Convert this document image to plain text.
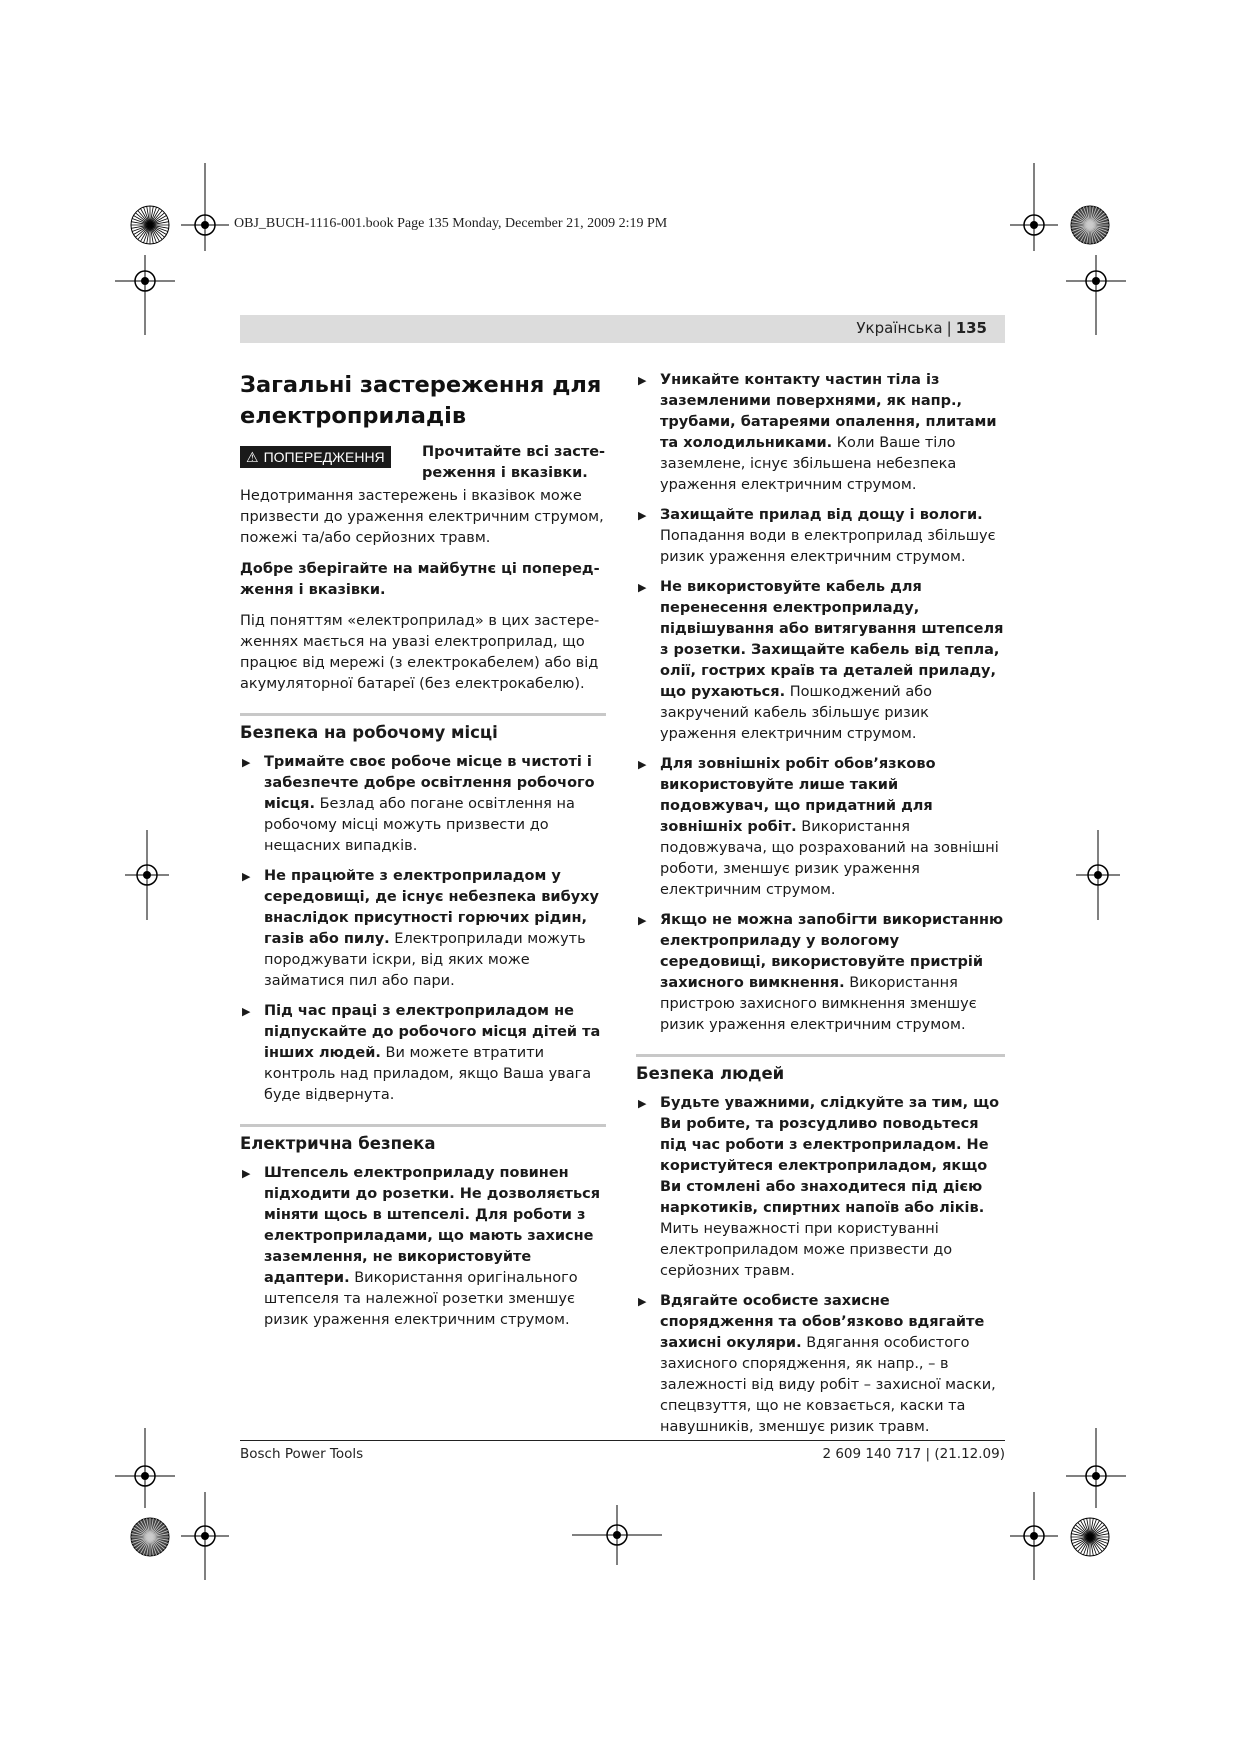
OBJ_BUCH-1116-001.book Page 135 Monday, December 21, 2009 2:19 PM
Українська | 135
Загальні застереження для електроприладів
⚠ ПОПЕРЕДЖЕННЯ	Прочитайте всі засте-реження і вказівки.

Недотримання застережень і вказівок може призвести до ураження електричним струмом, пожежі та/або серйозних травм.

Добре зберігайте на майбутнє ці поперед-ження і вказівки.

Під поняттям «електроприлад» в цих застере-женнях мається на увазі електроприлад, що працює від мережі (з електрокабелем) або від акумуляторної батареї (без електрокабелю).

Безпека на робочому місці
▶ Тримайте своє робоче місце в чистоті і забезпечте добре освітлення робочого місця. Безлад або погане освітлення на робочому місці можуть призвести до нещасних випадків.
▶ Не працюйте з електроприладом у середовищі, де існує небезпека вибуху внаслідок присутності горючих рідин, газів або пилу. Електроприлади можуть породжувати іскри, від яких може займатися пил або пари.
▶ Під час праці з електроприладом не підпускайте до робочого місця дітей та інших людей. Ви можете втратити контроль над приладом, якщо Ваша увага буде відвернута.
Електрична безпека
▶ Штепсель електроприладу повинен підходити до розетки. Не дозволяється міняти щось в штепселі. Для роботи з електроприладами, що мають захисне заземлення, не використовуйте адаптери. Використання оригінального штепселя та належної розетки зменшує ризик ураження електричним струмом.
▶ Уникайте контакту частин тіла із заземленими поверхнями, як напр., трубами, батареями опалення, плитами та холодильниками. Коли Ваше тіло заземлене, існує збільшена небезпека ураження електричним струмом.
▶ Захищайте прилад від дощу і вологи. Попадання води в електроприлад збільшує ризик ураження електричним струмом.
▶ Не використовуйте кабель для перенесення електроприладу, підвішування або витягування штепселя з розетки. Захищайте кабель від тепла, олії, гострих країв та деталей приладу, що рухаються. Пошкоджений або закручений кабель збільшує ризик ураження електричним струмом.
▶ Для зовнішніх робіт обов’язково використовуйте лише такий подовжувач, що придатний для зовнішніх робіт. Використання подовжувача, що розрахований на зовнішні роботи, зменшує ризик ураження електричним струмом.
▶ Якщо не можна запобігти використанню електроприладу у вологому середовищі, використовуйте пристрій захисного вимкнення. Використання пристрою захисного вимкнення зменшує ризик ураження електричним струмом.
Безпека людей
▶ Будьте уважними, слідкуйте за тим, що Ви робите, та розсудливо поводьтеся під час роботи з електроприладом. Не користуйтеся електроприладом, якщо Ви стомлені або знаходитеся під дією наркотиків, спиртних напоїв або ліків. Мить неуважності при користуванні електроприладом може призвести до серйозних травм.
▶ Вдягайте особисте захисне спорядження та обов’язково вдягайте захисні окуляри. Вдягання особистого захисного спорядження, як напр., – в залежності від виду робіт – захисної маски, спецвзуття, що не ковзається, каски та навушників, зменшує ризик травм.
Bosch Power Tools	2 609 140 717 | (21.12.09)
